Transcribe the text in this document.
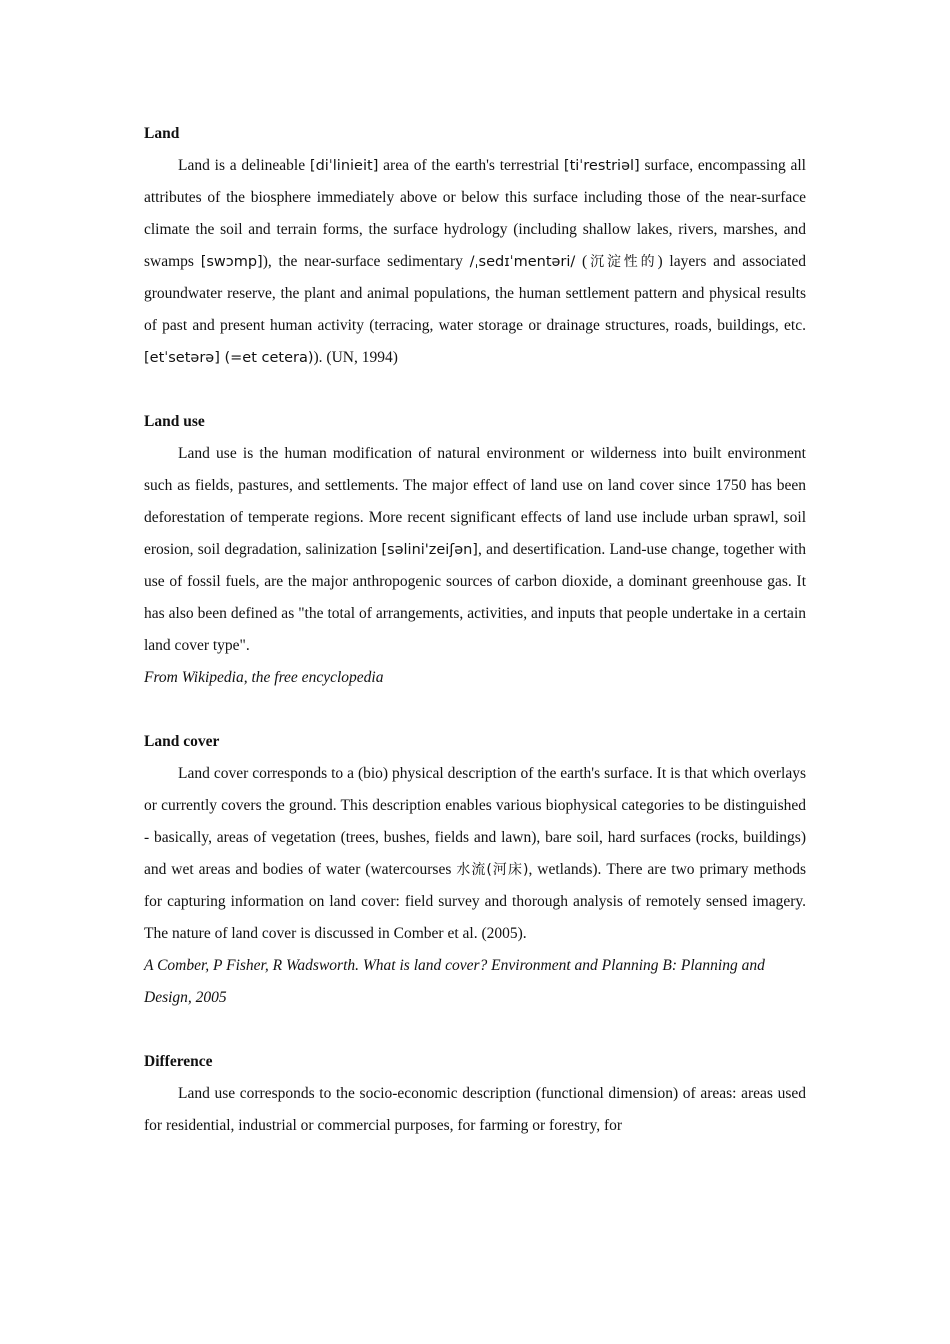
Land

Land is a delineable [diˈlinieit] area of the earth's terrestrial [tiˈrestriəl] surface, encompassing all attributes of the biosphere immediately above or below this surface including those of the near-surface climate the soil and terrain forms, the surface hydrology (including shallow lakes, rivers, marshes, and swamps [swɔmp]), the near-surface sedimentary /ˌsedɪˈmentəri/ (沉淀性的) layers and associated groundwater reserve, the plant and animal populations, the human settlement pattern and physical results of past and present human activity (terracing, water storage or drainage structures, roads, buildings, etc. [etˈsetərə] (=et cetera)). (UN, 1994)

Land use

Land use is the human modification of natural environment or wilderness into built environment such as fields, pastures, and settlements. The major effect of land use on land cover since 1750 has been deforestation of temperate regions. More recent significant effects of land use include urban sprawl, soil erosion, soil degradation, salinization [səlini'zeiʃən], and desertification. Land-use change, together with use of fossil fuels, are the major anthropogenic sources of carbon dioxide, a dominant greenhouse gas. It has also been defined as "the total of arrangements, activities, and inputs that people undertake in a certain land cover type".

From Wikipedia, the free encyclopedia

Land cover

Land cover corresponds to a (bio) physical description of the earth's surface. It is that which overlays or currently covers the ground. This description enables various biophysical categories to be distinguished - basically, areas of vegetation (trees, bushes, fields and lawn), bare soil, hard surfaces (rocks, buildings) and wet areas and bodies of water (watercourses 水流(河床), wetlands). There are two primary methods for capturing information on land cover: field survey and thorough analysis of remotely sensed imagery. The nature of land cover is discussed in Comber et al. (2005).

A Comber, P Fisher, R Wadsworth. What is land cover? Environment and Planning B: Planning and Design, 2005

Difference

Land use corresponds to the socio-economic description (functional dimension) of areas: areas used for residential, industrial or commercial purposes, for farming or forestry, for
